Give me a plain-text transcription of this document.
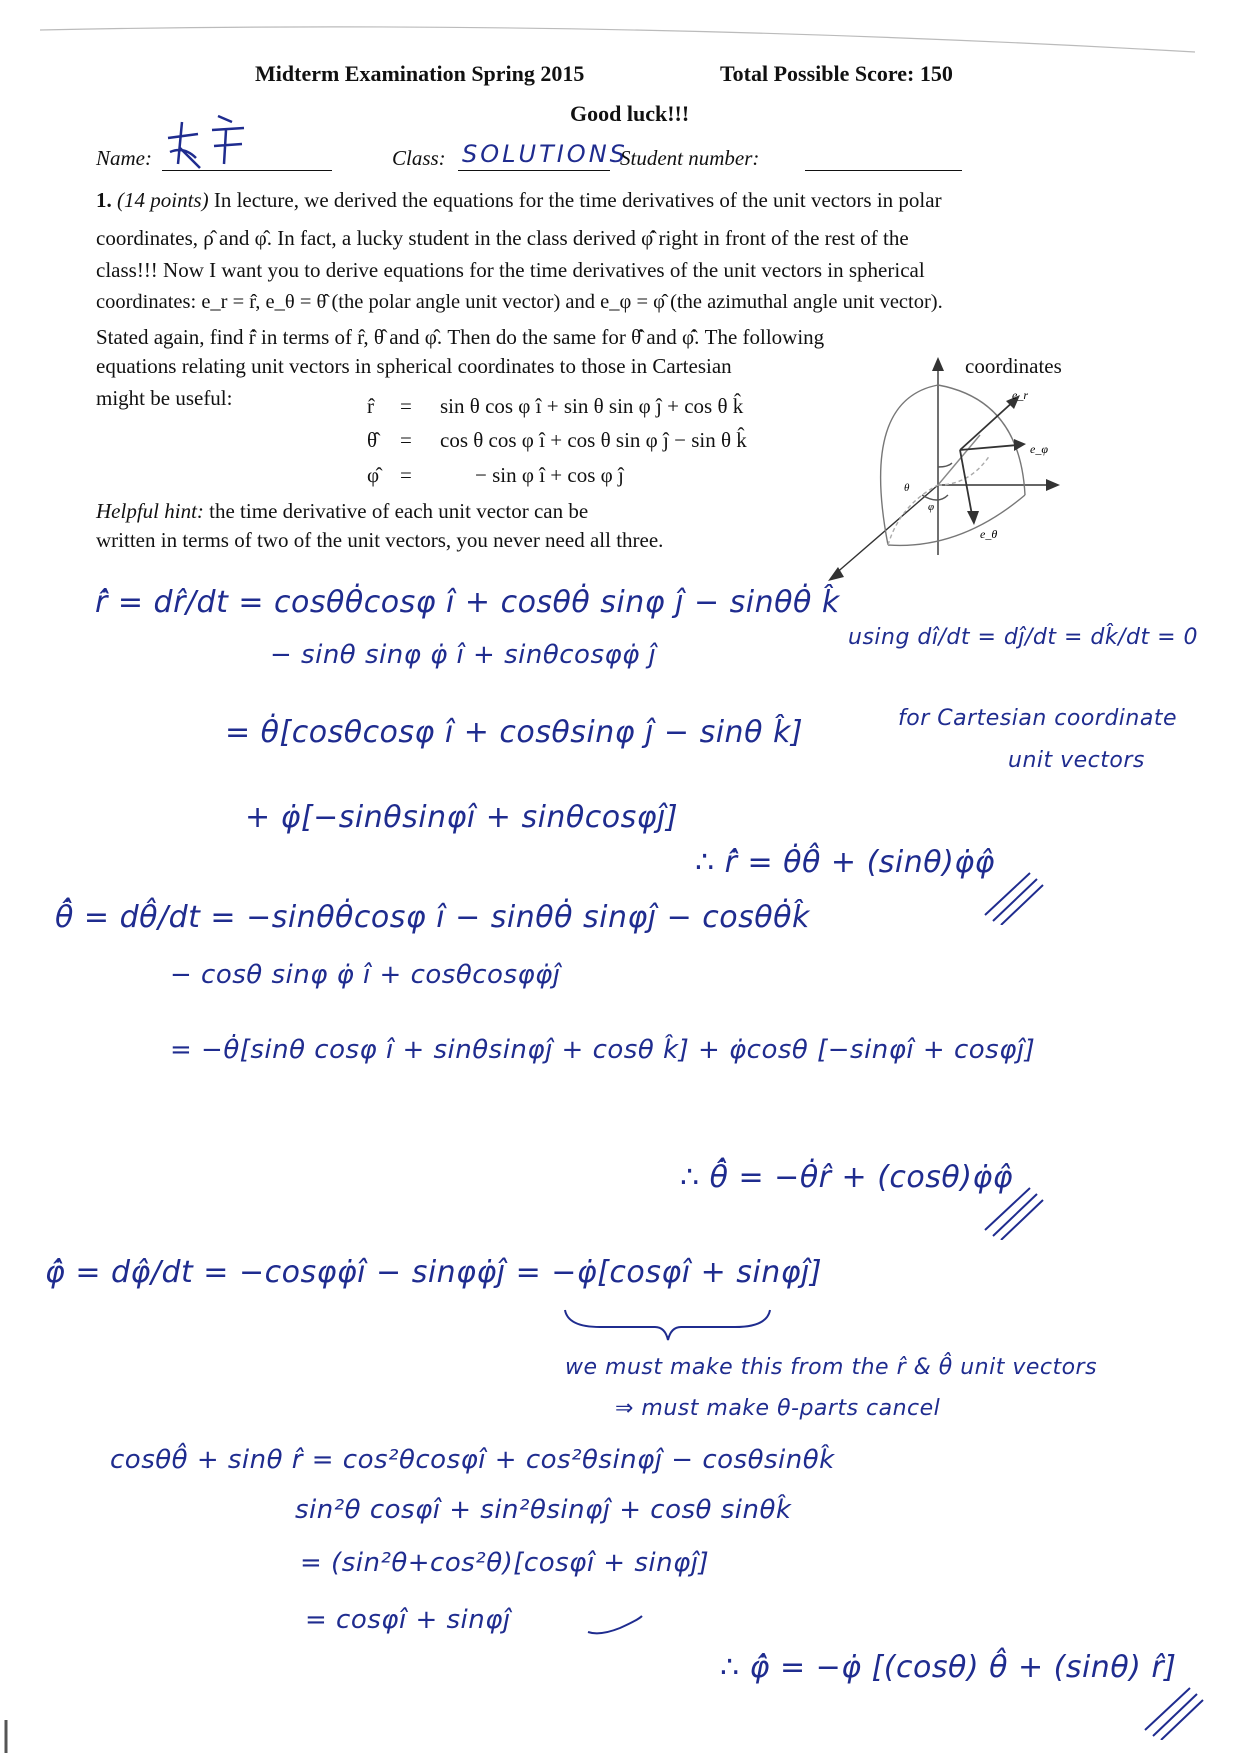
Midterm Examination Spring 2015	Total Possible Score: 150
Good luck!!!
Name:	Class: SOLUTIONS
Student number:
1. (14 points) In lecture, we derived the equations for the time derivatives of the unit vectors in polar
coordinates, ρ̂ and φ̂. In fact, a lucky student in the class derived φ̂̇ right in front of the rest of the
class!!! Now I want you to derive equations for the time derivatives of the unit vectors in spherical
coordinates: e_r = r̂, e_θ = θ̂ (the polar angle unit vector) and e_φ = φ̂ (the azimuthal angle unit vector).
Stated again, find r̂̇ in terms of r̂, θ̂ and φ̂. Then do the same for θ̂̇ and φ̂̇. The following
equations relating unit vectors in spherical coordinates to those in Cartesian	coordinates
might be useful:	r̂ = sin θ cos φ î + sin θ sin φ ĵ + cos θ k̂
θ̂ = cos θ cos φ î + cos θ sin φ ĵ − sin θ k̂
φ̂ =	− sin φ î + cos φ ĵ
Helpful hint: the time derivative of each unit vector can be
written in terms of two of the unit vectors, you never need all three.
e_r
e_φ
e_θ
θ
φ
r̂̇ = dr̂/dt = cosθθ̇cosφ î + cosθθ̇ sinφ ĵ − sinθθ̇ k̂
− sinθ sinφ φ̇ î + sinθcosφφ̇ ĵ
= θ̇[cosθcosφ î + cosθsinφ ĵ − sinθ k̂]
+ φ̇[−sinθsinφî + sinθcosφĵ]
using dî/dt = dĵ/dt = dk̂/dt = 0
for Cartesian coordinate
unit vectors
∴ r̂̇ = θ̇θ̂ + (sinθ)φ̇φ̂
θ̂̇ = dθ̂/dt = −sinθθ̇cosφ î − sinθθ̇ sinφĵ − cosθθ̇k̂
− cosθ sinφ φ̇ î + cosθcosφφ̇ĵ
= −θ̇[sinθ cosφ î + sinθsinφĵ + cosθ k̂] + φ̇cosθ [−sinφî + cosφĵ]
∴ θ̂̇ = −θ̇r̂ + (cosθ)φ̇φ̂
φ̂̇ = dφ̂/dt = −cosφφ̇î − sinφφ̇ĵ = −φ̇[cosφî + sinφĵ]
we must make this from the r̂ & θ̂ unit vectors
⇒ must make θ-parts cancel
cosθθ̂ + sinθ r̂ = cos²θcosφî + cos²θsinφĵ − cosθsinθk̂
sin²θ cosφî + sin²θsinφĵ + cosθ sinθk̂
= (sin²θ+cos²θ)[cosφî + sinφĵ]
= cosφî + sinφĵ
∴ φ̂̇ = −φ̇ [(cosθ) θ̂ + (sinθ) r̂]
